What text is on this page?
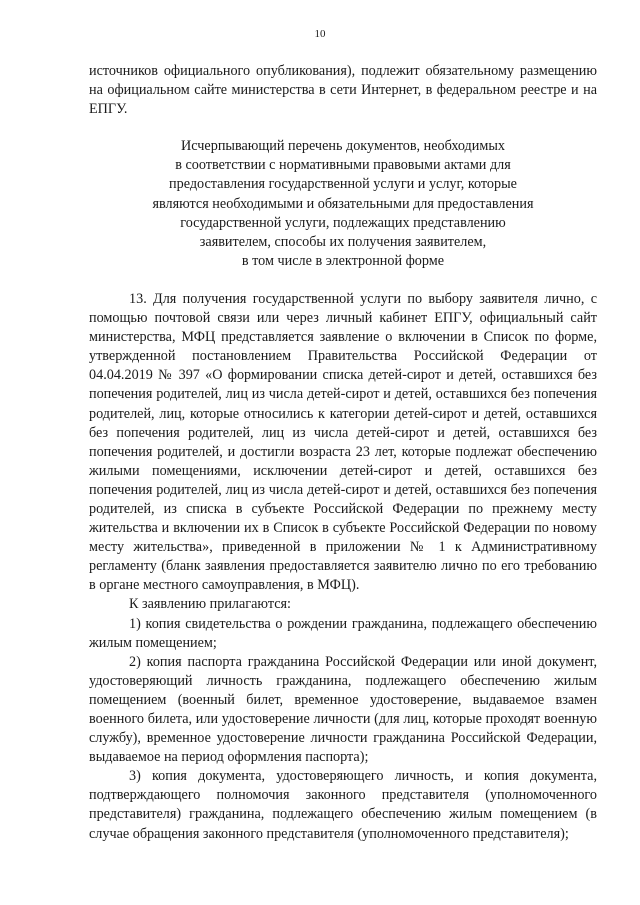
10

источников официального опубликования), подлежит обязательному размещению на официальном сайте министерства в сети Интернет, в федеральном реестре и на ЕПГУ.

Исчерпывающий перечень документов, необходимых
в соответствии с нормативными правовыми актами для
предоставления государственной услуги и услуг, которые
являются необходимыми и обязательными для предоставления
государственной услуги, подлежащих представлению
заявителем, способы их получения заявителем,
в том числе в электронной форме

13. Для получения государственной услуги по выбору заявителя лично, с помощью почтовой связи или через личный кабинет ЕПГУ, официальный сайт министерства, МФЦ представляется заявление о включении в Список по форме, утвержденной постановлением Правительства Российской Федерации от 04.04.2019 № 397 «О формировании списка детей-сирот и детей, оставшихся без попечения родителей, лиц из числа детей-сирот и детей, оставшихся без попечения родителей, лиц, которые относились к категории детей-сирот и детей, оставшихся без попечения родителей, лиц из числа детей-сирот и детей, оставшихся без попечения родителей, и достигли возраста 23 лет, которые подлежат обеспечению жилыми помещениями, исключении детей-сирот и детей, оставшихся без попечения родителей, лиц из числа детей-сирот и детей, оставшихся без попечения родителей, из списка в субъекте Российской Федерации по прежнему месту жительства и включении их в Список в субъекте Российской Федерации по новому месту жительства», приведенной в приложении № 1 к Административному регламенту (бланк заявления предоставляется заявителю лично по его требованию в органе местного самоуправления, в МФЦ).

К заявлению прилагаются:

1) копия свидетельства о рождении гражданина, подлежащего обеспечению жилым помещением;

2) копия паспорта гражданина Российской Федерации или иной документ, удостоверяющий личность гражданина, подлежащего обеспечению жилым помещением (военный билет, временное удостоверение, выдаваемое взамен военного билета, или удостоверение личности (для лиц, которые проходят военную службу), временное удостоверение личности гражданина Российской Федерации, выдаваемое на период оформления паспорта);

3) копия документа, удостоверяющего личность, и копия документа, подтверждающего полномочия законного представителя (уполномоченного представителя) гражданина, подлежащего обеспечению жилым помещением (в случае обращения законного представителя (уполномоченного представителя);
